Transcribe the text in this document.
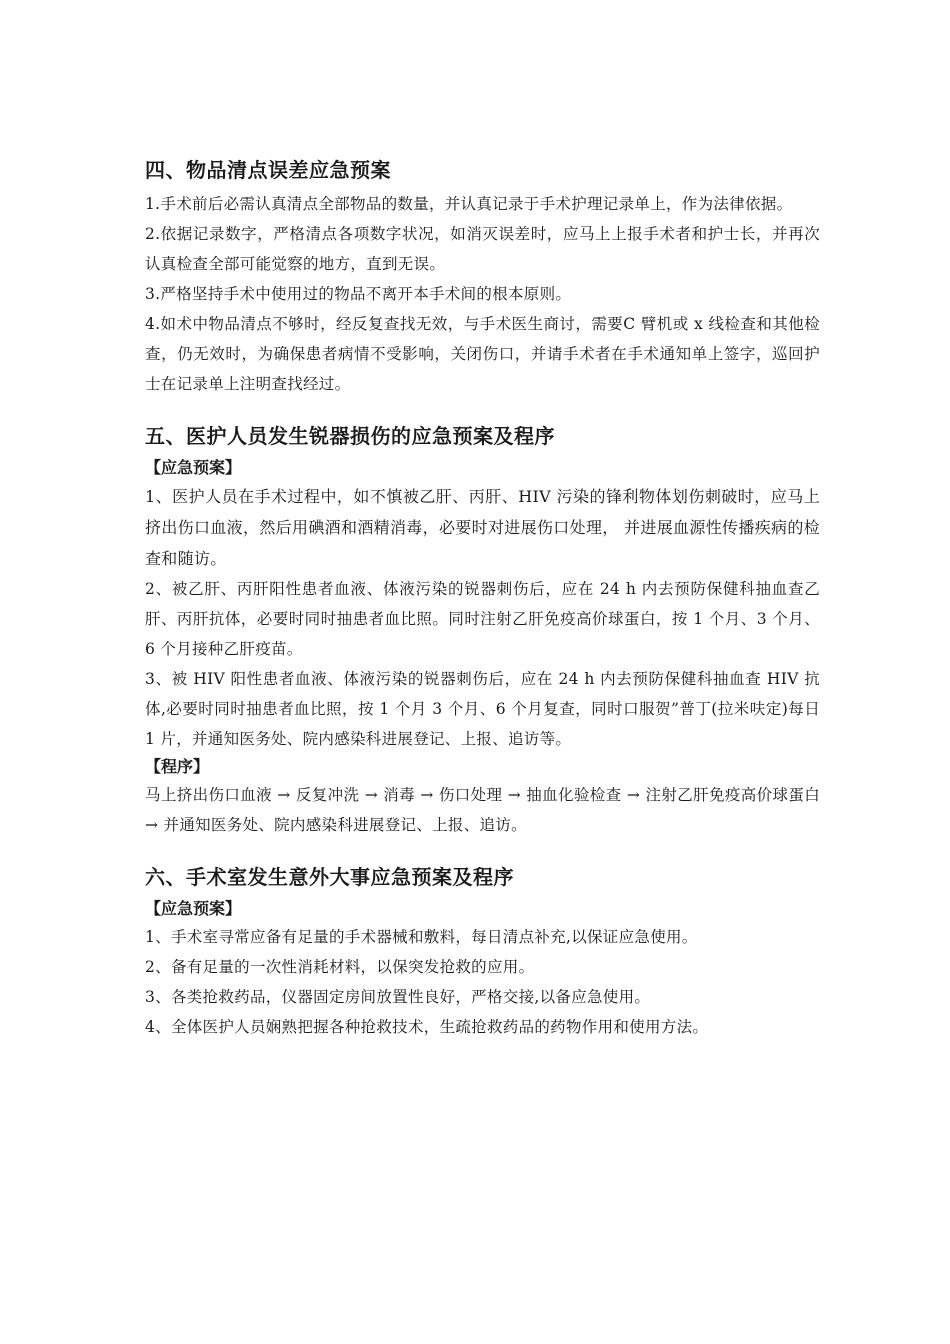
四、物品清点误差应急预案

1.手术前后必需认真清点全部物品的数量，并认真记录于手术护理记录单上，作为法律依据。

2.依据记录数字，严格清点各项数字状况，如消灭误差时，应马上上报手术者和护士长，并再次认真检查全部可能觉察的地方，直到无误。

3.严格坚持手术中使用过的物品不离开本手术间的根本原则。

4.如术中物品清点不够时，经反复查找无效，与手术医生商讨，需要C 臂机或 x 线检查和其他检查，仍无效时，为确保患者病情不受影响，关闭伤口，并请手术者在手术通知单上签字，巡回护士在记录单上注明查找经过。

五、医护人员发生锐器损伤的应急预案及程序
【应急预案】

1、医护人员在手术过程中，如不慎被乙肝、丙肝、HIV 污染的锋利物体划伤刺破时，应马上挤出伤口血液，然后用碘酒和酒精消毒，必要时对进展伤口处理， 并进展血源性传播疾病的检查和随访。

2、被乙肝、丙肝阳性患者血液、体液污染的锐器刺伤后，应在 24 h 内去预防保健科抽血查乙肝、丙肝抗体，必要时同时抽患者血比照。同时注射乙肝免疫高价球蛋白，按 1 个月、3 个月、6 个月接种乙肝疫苗。

3、被 HIV 阳性患者血液、体液污染的锐器刺伤后，应在 24 h 内去预防保健科抽血查 HIV 抗体,必要时同时抽患者血比照，按 1 个月 3 个月、6 个月复查，同时口服贺”普丁(拉米呋定)每日 1 片，并通知医务处、院内感染科进展登记、上报、追访等。

【程序】

马上挤出伤口血液 → 反复冲洗 → 消毒 → 伤口处理 → 抽血化验检查 → 注射乙肝免疫高价球蛋白 → 并通知医务处、院内感染科进展登记、上报、追访。

六、手术室发生意外大事应急预案及程序
【应急预案】

1、手术室寻常应备有足量的手术器械和敷料，每日清点补充,以保证应急使用。

2、备有足量的一次性消耗材料，以保突发抢救的应用。

3、各类抢救药品，仪器固定房间放置性良好，严格交接,以备应急使用。

4、全体医护人员娴熟把握各种抢救技术，生疏抢救药品的药物作用和使用方法。
